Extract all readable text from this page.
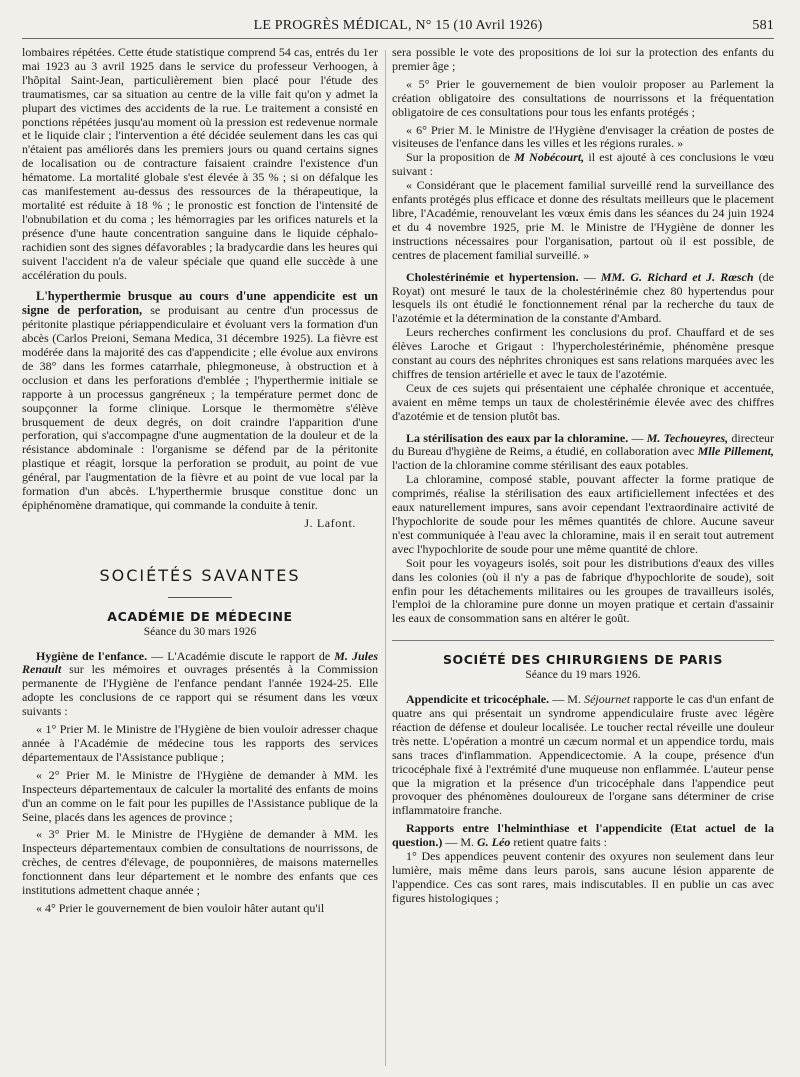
LE PROGRÈS MÉDICAL, N° 15 (10 Avril 1926)	581

lombaires répétées. Cette étude statistique comprend 54 cas, entrés du 1er mai 1923 au 3 avril 1925 dans le service du professeur Verhoogen, à l'hôpital Saint-Jean, particulièrement bien placé pour l'étude des traumatismes, car sa situation au centre de la ville fait qu'on y admet la plupart des victimes des accidents de la rue. Le traitement a consisté en ponctions répétées jusqu'au moment où la pression est redevenue normale et le liquide clair ; l'intervention a été décidée seulement dans les cas qui n'étaient pas améliorés dans les premiers jours ou quand certains signes de localisation ou de contracture faisaient craindre l'existence d'un hématome. La mortalité globale s'est élevée à 35 % ; si on défalque les cas manifestement au-dessus des ressources de la thérapeutique, la mortalité est réduite à 18 % ; le pronostic est fonction de l'intensité de l'obnubilation et du coma ; les hémorragies par les orifices naturels et la présence d'une haute concentration sanguine dans le liquide céphalo-rachidien sont des signes défavorables ; la bradycardie dans les heures qui suivent l'accident n'a de valeur spéciale que quand elle succède à une accélération du pouls.

L'hyperthermie brusque au cours d'une appendicite est un signe de perforation, se produisant au centre d'un processus de péritonite plastique périappendiculaire et évoluant vers la formation d'un abcès (Carlos Preioni, Semana Medica, 31 décembre 1925). La fièvre est modérée dans la majorité des cas d'appendicite ; elle évolue aux environs de 38° dans les formes catarrhale, phlegmoneuse, à obstruction et à occlusion et dans les perforations d'emblée ; l'hyperthermie initiale se rapporte à un processus gangréneux ; la température permet donc de soupçonner la forme clinique. Lorsque le thermomètre s'élève brusquement de deux degrés, on doit craindre l'apparition d'une perforation, qui s'accompagne d'une augmentation de la douleur et de la résistance abdominale : l'organisme se défend par de la péritonite plastique et réagit, lorsque la perforation se produit, au point de vue général, par l'augmentation de la fièvre et au point de vue local par la formation d'un abcès. L'hyperthermie brusque constitue donc un épiphénomène dramatique, qui commande la conduite à tenir.

J. Lafont.
SOCIÉTÉS SAVANTES
ACADÉMIE DE MÉDECINE
Séance du 30 mars 1926

Hygiène de l'enfance. — L'Académie discute le rapport de M. Jules Renault sur les mémoires et ouvrages présentés à la Commission permanente de l'Hygiène de l'enfance pendant l'année 1924-25. Elle adopte les conclusions de ce rapport qui se résument dans les vœux suivants :

« 1° Prier M. le Ministre de l'Hygiène de bien vouloir adresser chaque année à l'Académie de médecine tous les rapports des services départementaux de l'Assistance publique ;

« 2° Prier M. le Ministre de l'Hygiène de demander à MM. les Inspecteurs départementaux de calculer la mortalité des enfants de moins d'un an comme on le fait pour les pupilles de l'Assistance publique de la Seine, placés dans les agences de province ;

« 3° Prier M. le Ministre de l'Hygiène de demander à MM. les Inspecteurs départementaux combien de consultations de nourrissons, de crèches, de centres d'élevage, de pouponnières, de maisons maternelles fonctionnent dans leur département et le nombre des enfants que ces institutions admettent chaque année ;

« 4° Prier le gouvernement de bien vouloir hâter autant qu'il

sera possible le vote des propositions de loi sur la protection des enfants du premier âge ;

« 5° Prier le gouvernement de bien vouloir proposer au Parlement la création obligatoire des consultations de nourrissons et la fréquentation obligatoire de ces consultations pour tous les enfants protégés ;

« 6° Prier M. le Ministre de l'Hygiène d'envisager la création de postes de visiteuses de l'enfance dans les villes et les régions rurales. »

Sur la proposition de M Nobécourt, il est ajouté à ces conclusions le vœu suivant :

« Considérant que le placement familial surveillé rend la surveillance des enfants protégés plus efficace et donne des résultats meilleurs que le placement libre, l'Académie, renouvelant les vœux émis dans les séances du 24 juin 1924 et du 4 novembre 1925, prie M. le Ministre de l'Hygiène de donner les instructions nécessaires pour l'organisation, partout où il est possible, de centres de placement familial surveillé. »

Cholestérinémie et hypertension. — MM. G. Richard et J. Rœsch (de Royat) ont mesuré le taux de la cholestérinémie chez 80 hypertendus pour lesquels ils ont étudié le fonctionnement rénal par la recherche du taux de l'azotémie et la détermination de la constante d'Ambard.

Leurs recherches confirment les conclusions du prof. Chauffard et de ses élèves Laroche et Grigaut : l'hypercholestérinémie, phénomène presque constant au cours des néphrites chroniques est sans relations marquées avec les chiffres de tension artérielle et avec le taux de l'azotémie.

Ceux de ces sujets qui présentaient une céphalée chronique et accentuée, avaient en même temps un taux de cholestérinémie élevée avec des chiffres d'azotémie et de tension plutôt bas.

La stérilisation des eaux par la chloramine. — M. Techoueyres, directeur du Bureau d'hygiène de Reims, a étudié, en collaboration avec Mlle Pillement, l'action de la chloramine comme stérilisant des eaux potables.

La chloramine, composé stable, pouvant affecter la forme pratique de comprimés, réalise la stérilisation des eaux artificiellement infectées et des eaux naturellement impures, sans avoir cependant l'extraordinaire activité de l'hypochlorite de soude pour les mêmes quantités de chlore. Aucune saveur n'est communiquée à l'eau avec la chloramine, mais il en serait tout autrement avec l'hypochlorite de soude pour une même quantité de chlore.

Soit pour les voyageurs isolés, soit pour les distributions d'eaux des villes dans les colonies (où il n'y a pas de fabrique d'hypochlorite de soude), soit enfin pour les détachements militaires ou les groupes de travailleurs isolés, l'emploi de la chloramine pure donne un moyen pratique et certain d'assainir les eaux de consommation sans en altérer le goût.

SOCIÉTÉ DES CHIRURGIENS DE PARIS
Séance du 19 mars 1926.

Appendicite et tricocéphale. — M. Séjournet rapporte le cas d'un enfant de quatre ans qui présentait un syndrome appendiculaire fruste avec légère réaction de défense et douleur localisée. Le toucher rectal réveille une douleur très nette. L'opération a montré un cæcum normal et un appendice tordu, mais sans traces d'inflammation. Appendicectomie. A la coupe, présence d'un tricocéphale fixé à l'extrémité d'une muqueuse non enflammée. L'auteur pense que la migration et la présence d'un tricocéphale dans l'appendice peut provoquer des phénomènes douloureux de l'organe sans déterminer de crise inflammatoire franche.

Rapports entre l'helminthiase et l'appendicite (Etat actuel de la question.) — M. G. Léo retient quatre faits :

1° Des appendices peuvent contenir des oxyures non seulement dans leur lumière, mais même dans leurs parois, sans aucune lésion apparente de l'appendice. Ces cas sont rares, mais indiscutables. Il en publie un cas avec figures histologiques ;
